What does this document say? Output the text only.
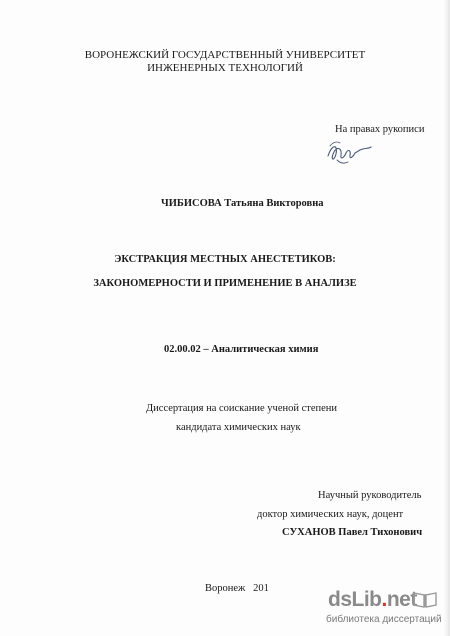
ВОРОНЕЖСКИЙ ГОСУДАРСТВЕННЫЙ УНИВЕРСИТЕТ
ИНЖЕНЕРНЫХ ТЕХНОЛОГИЙ
На правах рукописи
ЧИБИСОВА Татьяна Викторовна
ЭКСТРАКЦИЯ МЕСТНЫХ АНЕСТЕТИКОВ:
ЗАКОНОМЕРНОСТИ И ПРИМЕНЕНИЕ В АНАЛИЗЕ
02.00.02 – Аналитическая химия
Диссертация на соискание ученой степени
кандидата химических наук
Научный руководитель
доктор химических наук, доцент
СУХАНОВ Павел Тихонович
Воронеж   201	dsLib.net
библиотека диссертаций
